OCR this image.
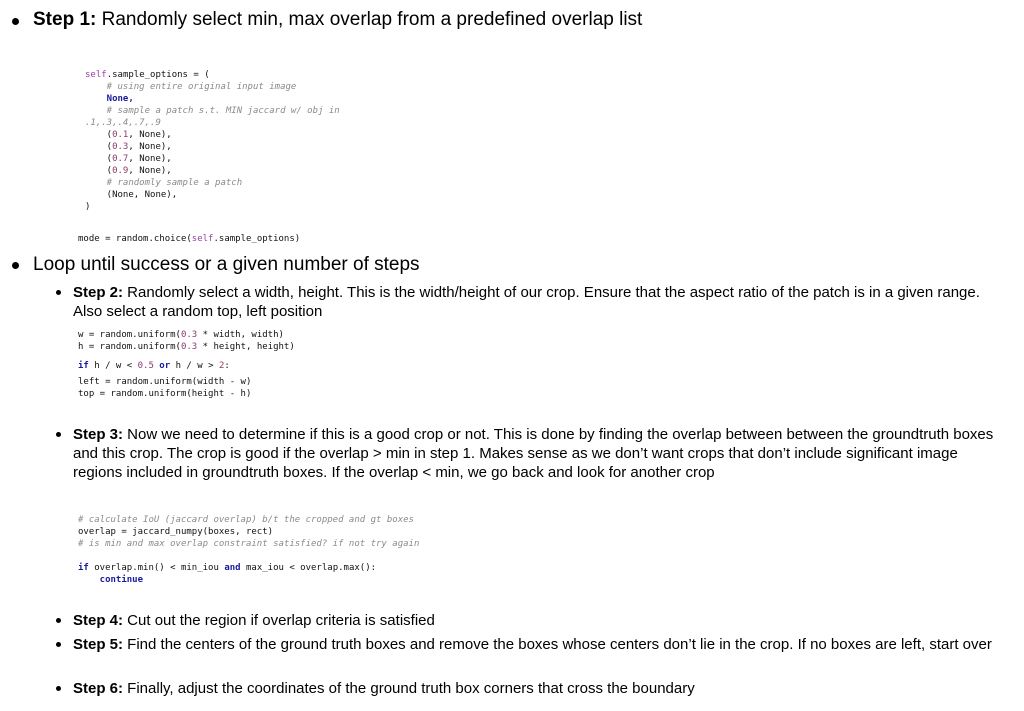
Step 1: Randomly select min, max overlap from a predefined overlap list
self.sample_options = (
# using entire original input image
None,
# sample a patch s.t. MIN jaccard w/ obj in
.1,.3,.4,.7,.9
(0.1, None),
(0.3, None),
(0.7, None),
(0.9, None),
# randomly sample a patch
(None, None),
)
mode = random.choice(self.sample_options)
Loop until success or a given number of steps
Step 2: Randomly select a width, height. This is the width/height of our crop. Ensure that the aspect ratio of the patch is in a given range. Also select a random top, left position
w = random.uniform(0.3 * width, width)
h = random.uniform(0.3 * height, height)

if h / w < 0.5 or h / w > 2:
left = random.uniform(width - w)
top = random.uniform(height - h)
Step 3: Now we need to determine if this is a good crop or not. This is done by finding the overlap between between the groundtruth boxes and this crop. The crop is good if the overlap > min in step 1. Makes sense as we don’t want crops that don’t include significant image regions included in groundtruth boxes. If the overlap < min, we go back and look for another crop
# calculate IoU (jaccard overlap) b/t the cropped and gt boxes
overlap = jaccard_numpy(boxes, rect)
# is min and max overlap constraint satisfied? if not try again
if overlap.min() < min_iou and max_iou < overlap.max():
continue
Step 4: Cut out the region if overlap criteria is satisfied
Step 5: Find the centers of the ground truth boxes and remove the boxes whose centers don’t lie in the crop. If no boxes are left, start over
Step 6: Finally, adjust the coordinates of the ground truth box corners that cross the boundary
